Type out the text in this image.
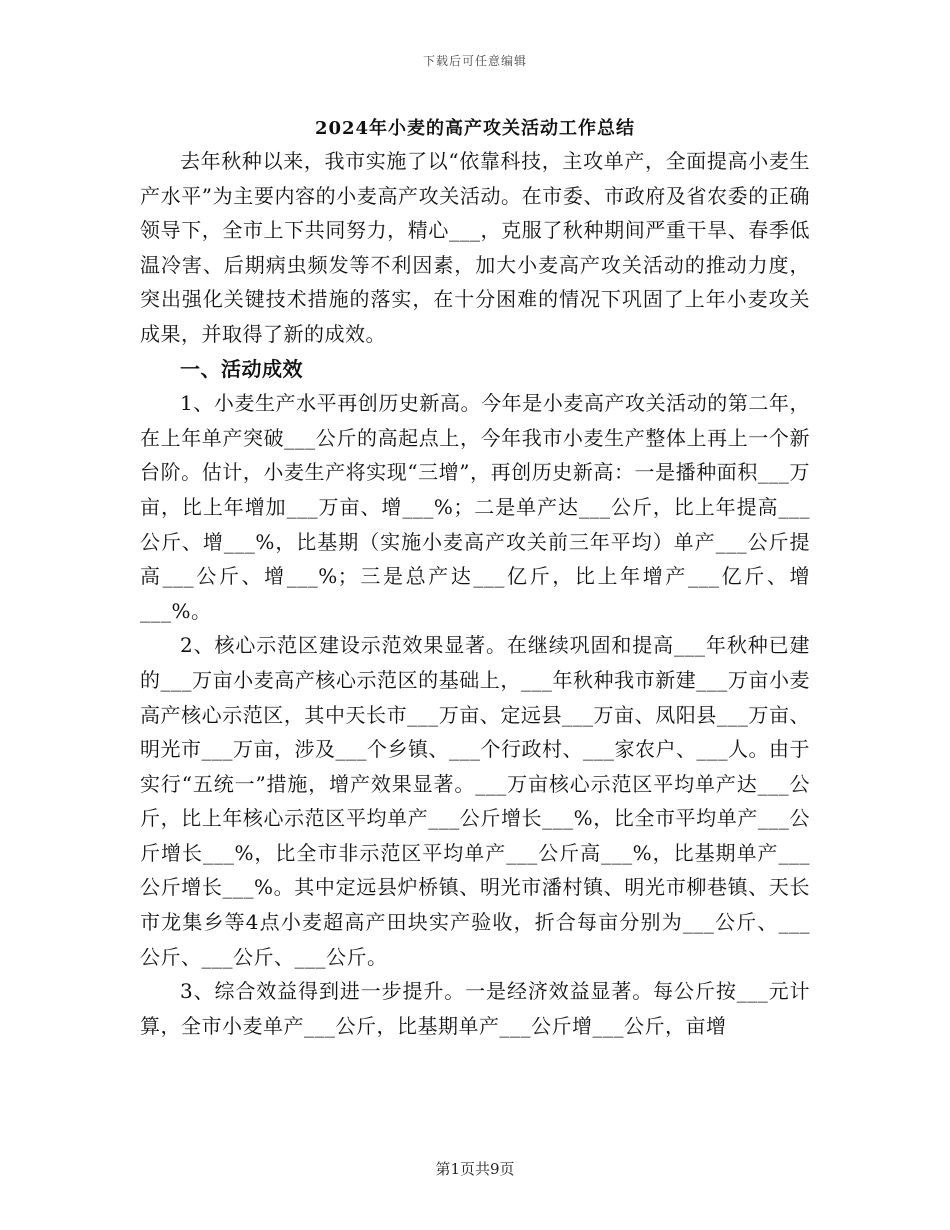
下载后可任意编辑
2024年小麦的高产攻关活动工作总结

去年秋种以来，我市实施了以“依靠科技，主攻单产，全面提高小麦生产水平”为主要内容的小麦高产攻关活动。在市委、市政府及省农委的正确领导下，全市上下共同努力，精心___，克服了秋种期间严重干旱、春季低温冷害、后期病虫频发等不利因素，加大小麦高产攻关活动的推动力度，突出强化关键技术措施的落实，在十分困难的情况下巩固了上年小麦攻关成果，并取得了新的成效。

一、活动成效

1、小麦生产水平再创历史新高。今年是小麦高产攻关活动的第二年，在上年单产突破___公斤的高起点上，今年我市小麦生产整体上再上一个新台阶。估计，小麦生产将实现“三增”，再创历史新高：一是播种面积___万亩，比上年增加___万亩、增___%；二是单产达___公斤，比上年提高___公斤、增___%，比基期（实施小麦高产攻关前三年平均）单产___公斤提高___公斤、增___%；三是总产达___亿斤，比上年增产___亿斤、增___%。

2、核心示范区建设示范效果显著。在继续巩固和提高___年秋种已建的___万亩小麦高产核心示范区的基础上，___年秋种我市新建___万亩小麦高产核心示范区，其中天长市___万亩、定远县___万亩、凤阳县___万亩、明光市___万亩，涉及___个乡镇、___个行政村、___家农户、___人。由于实行“五统一”措施，增产效果显著。___万亩核心示范区平均单产达___公斤，比上年核心示范区平均单产___公斤增长___%，比全市平均单产___公斤增长___%，比全市非示范区平均单产___公斤高___%，比基期单产___公斤增长___%。其中定远县炉桥镇、明光市潘村镇、明光市柳巷镇、天长市龙集乡等4点小麦超高产田块实产验收，折合每亩分别为___公斤、___公斤、___公斤、___公斤。

3、综合效益得到进一步提升。一是经济效益显著。每公斤按___元计算，全市小麦单产___公斤，比基期单产___公斤增___公斤，亩增

第1页共9页
